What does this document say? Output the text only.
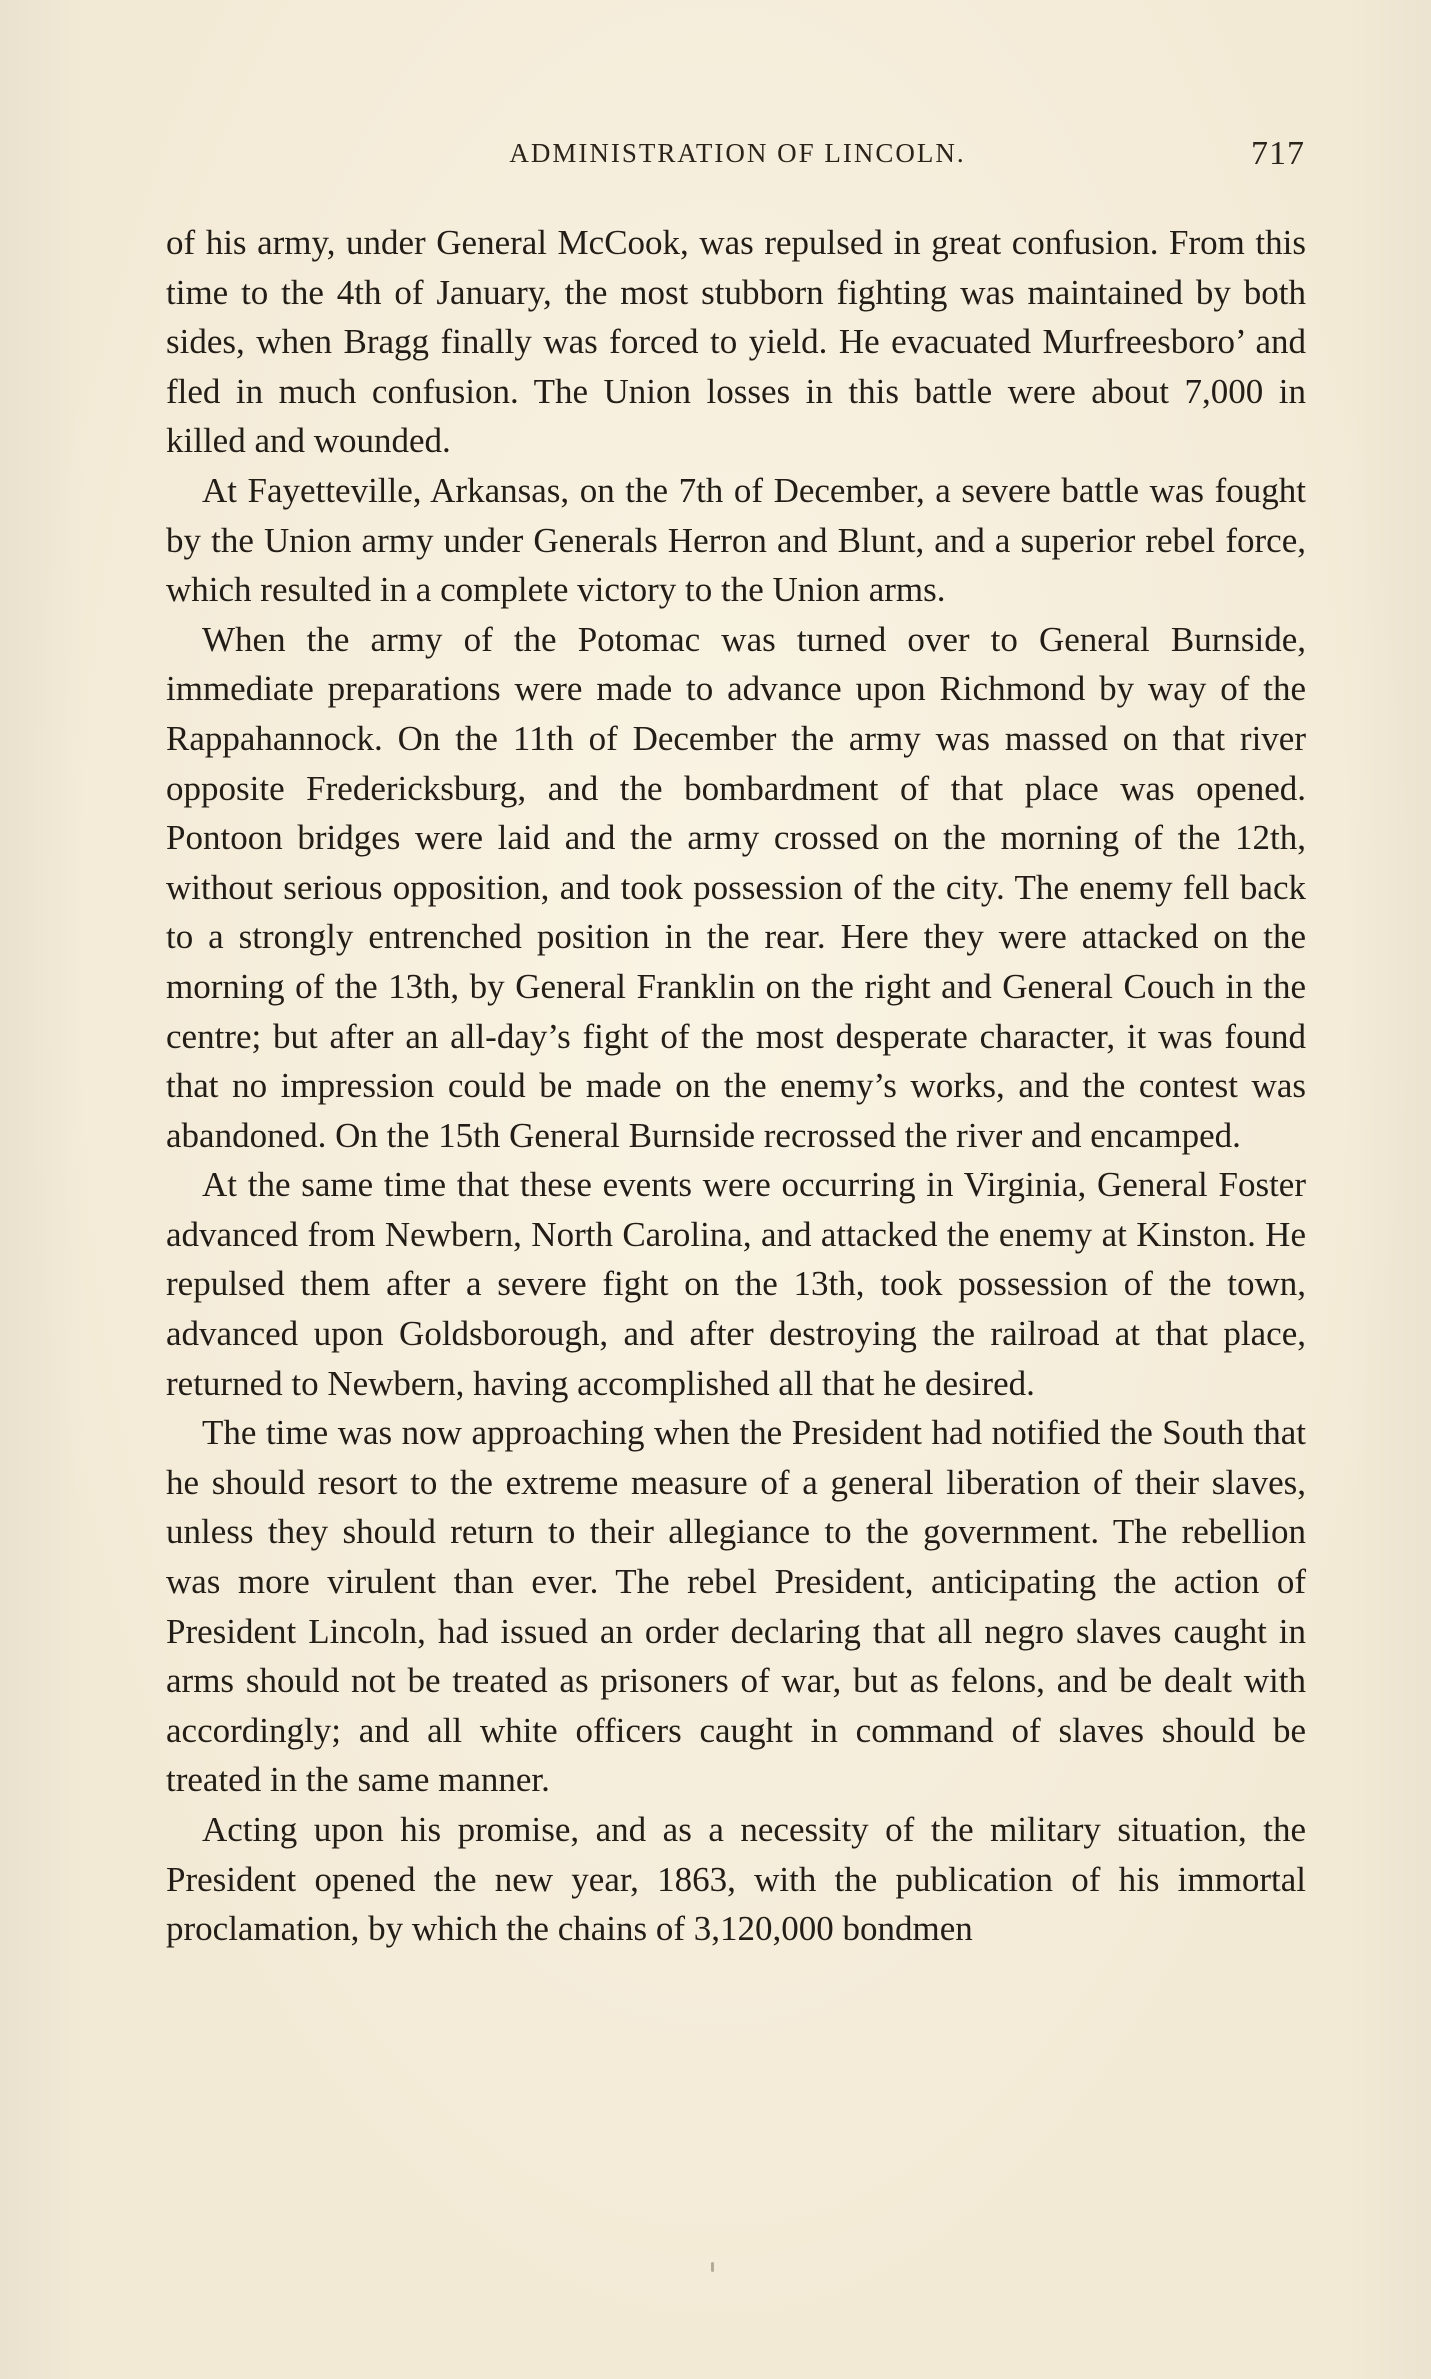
ADMINISTRATION OF LINCOLN.	717

of his army, under General McCook, was repulsed in great confusion. From this time to the 4th of January, the most stubborn fighting was maintained by both sides, when Bragg finally was forced to yield. He evacuated Murfreesboro’ and fled in much confusion. The Union losses in this battle were about 7,000 in killed and wounded.

At Fayetteville, Arkansas, on the 7th of December, a severe battle was fought by the Union army under Generals Herron and Blunt, and a superior rebel force, which resulted in a complete victory to the Union arms.

When the army of the Potomac was turned over to General Burnside, immediate preparations were made to advance upon Richmond by way of the Rappahannock. On the 11th of December the army was massed on that river opposite Fredericksburg, and the bombardment of that place was opened. Pontoon bridges were laid and the army crossed on the morning of the 12th, without serious opposition, and took possession of the city. The enemy fell back to a strongly entrenched position in the rear. Here they were attacked on the morning of the 13th, by General Franklin on the right and General Couch in the centre; but after an all-day’s fight of the most desperate character, it was found that no impression could be made on the enemy’s works, and the contest was abandoned. On the 15th General Burnside recrossed the river and encamped.

At the same time that these events were occurring in Virginia, General Foster advanced from Newbern, North Carolina, and attacked the enemy at Kinston. He repulsed them after a severe fight on the 13th, took possession of the town, advanced upon Goldsborough, and after destroying the railroad at that place, returned to Newbern, having accomplished all that he desired.

The time was now approaching when the President had notified the South that he should resort to the extreme measure of a general liberation of their slaves, unless they should return to their allegiance to the government. The rebellion was more virulent than ever. The rebel President, anticipating the action of President Lincoln, had issued an order declaring that all negro slaves caught in arms should not be treated as prisoners of war, but as felons, and be dealt with accordingly; and all white officers caught in command of slaves should be treated in the same manner.

Acting upon his promise, and as a necessity of the military situation, the President opened the new year, 1863, with the publication of his immortal proclamation, by which the chains of 3,120,000 bondmen
